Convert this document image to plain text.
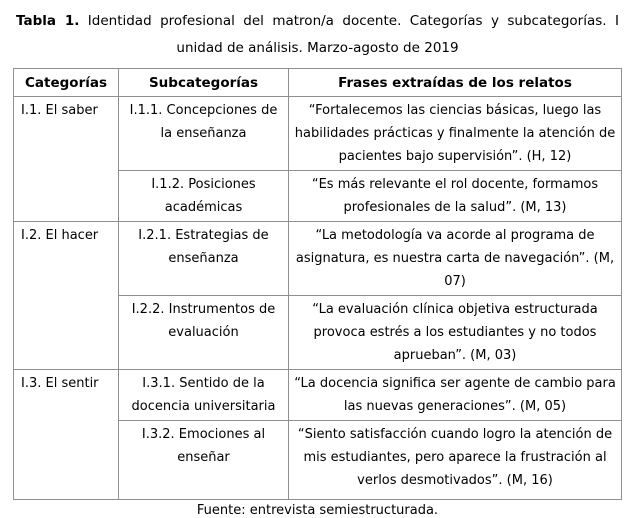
Tabla 1. Identidad profesional del matron/a docente. Categorías y subcategorías. I unidad de análisis. Marzo-agosto de 2019

Categorías	Subcategorías	Frases extraídas de los relatos
I.1. El saber	I.1.1. Concepciones de la enseñanza	“Fortalecemos las ciencias básicas, luego las habilidades prácticas y finalmente la atención de pacientes bajo supervisión”. (H, 12)
	I.1.2. Posiciones académicas	“Es más relevante el rol docente, formamos profesionales de la salud”. (M, 13)
I.2. El hacer	I.2.1. Estrategias de enseñanza	“La metodología va acorde al programa de asignatura, es nuestra carta de navegación”. (M, 07)
	I.2.2. Instrumentos de evaluación	“La evaluación clínica objetiva estructurada provoca estrés a los estudiantes y no todos aprueban”. (M, 03)
I.3. El sentir	I.3.1. Sentido de la docencia universitaria	“La docencia significa ser agente de cambio para las nuevas generaciones”. (M, 05)
	I.3.2. Emociones al enseñar	“Siento satisfacción cuando logro la atención de mis estudiantes, pero aparece la frustración al verlos desmotivados”. (M, 16)

Fuente: entrevista semiestructurada.
